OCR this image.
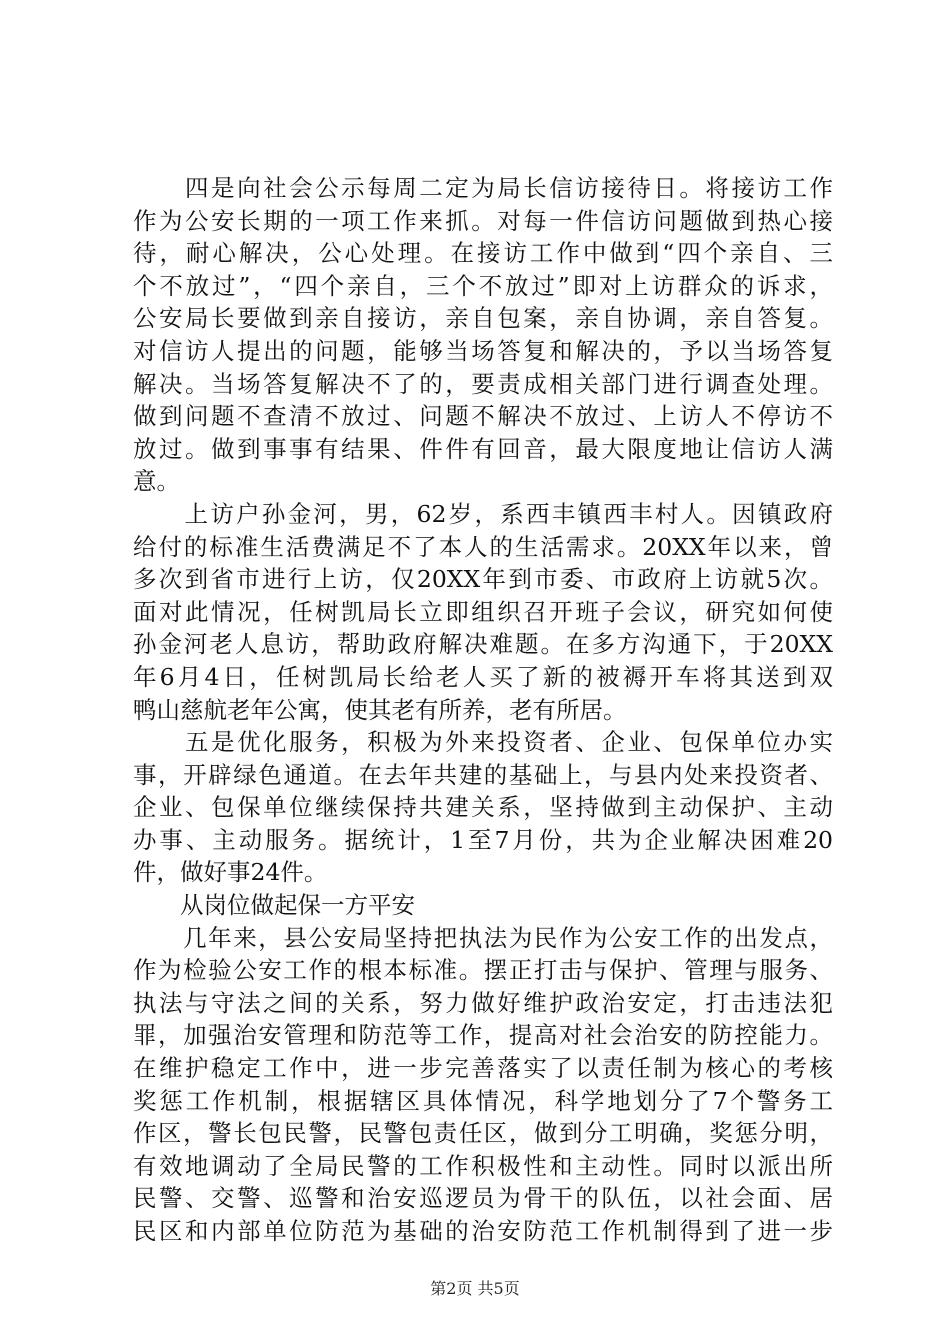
　　四是向社会公示每周二定为局长信访接待日。将接访工作
作为公安长期的一项工作来抓。对每一件信访问题做到热心接
待，耐心解决，公心处理。在接访工作中做到“四个亲自、三
个不放过”，“四个亲自，三个不放过”即对上访群众的诉求，
公安局长要做到亲自接访，亲自包案，亲自协调，亲自答复。
对信访人提出的问题，能够当场答复和解决的，予以当场答复
解决。当场答复解决不了的，要责成相关部门进行调查处理。
做到问题不查清不放过、问题不解决不放过、上访人不停访不
放过。做到事事有结果、件件有回音，最大限度地让信访人满
意。
　　上访户孙金河，男，62岁，系西丰镇西丰村人。因镇政府
给付的标准生活费满足不了本人的生活需求。20XX年以来，曾
多次到省市进行上访，仅20XX年到市委、市政府上访就5次。
面对此情况，任树凯局长立即组织召开班子会议，研究如何使
孙金河老人息访，帮助政府解决难题。在多方沟通下，于20XX
年6月4日，任树凯局长给老人买了新的被褥开车将其送到双
鸭山慈航老年公寓，使其老有所养，老有所居。
　　五是优化服务，积极为外来投资者、企业、包保单位办实
事，开辟绿色通道。在去年共建的基础上，与县内处来投资者、
企业、包保单位继续保持共建关系，坚持做到主动保护、主动
办事、主动服务。据统计，1至7月份，共为企业解决困难20
件，做好事24件。
　　从岗位做起保一方平安
　　几年来，县公安局坚持把执法为民作为公安工作的出发点，
作为检验公安工作的根本标准。摆正打击与保护、管理与服务、
执法与守法之间的关系，努力做好维护政治安定，打击违法犯
罪，加强治安管理和防范等工作，提高对社会治安的防控能力。
在维护稳定工作中，进一步完善落实了以责任制为核心的考核
奖惩工作机制，根据辖区具体情况，科学地划分了7个警务工
作区，警长包民警，民警包责任区，做到分工明确，奖惩分明，
有效地调动了全局民警的工作积极性和主动性。同时以派出所
民警、交警、巡警和治安巡逻员为骨干的队伍，以社会面、居
民区和内部单位防范为基础的治安防范工作机制得到了进一步
第2页 共5页
